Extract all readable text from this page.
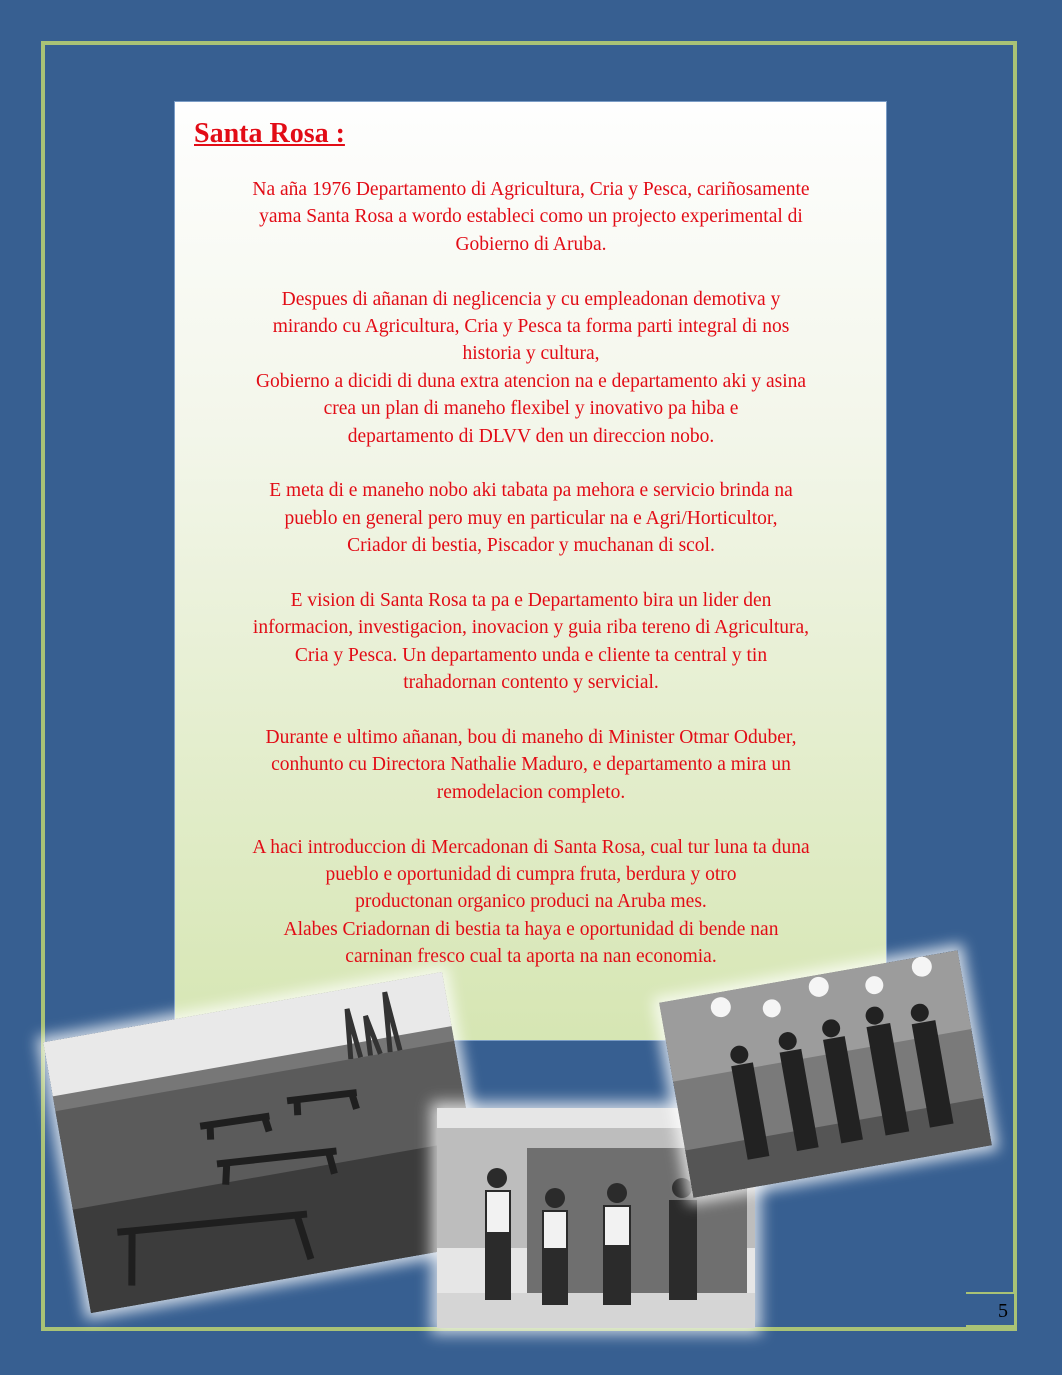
Santa Rosa :

Na aña 1976 Departamento di Agricultura, Cria y Pesca, cariñosamente
yama Santa Rosa a wordo estableci como un projecto experimental di
Gobierno di Aruba.

Despues di añanan di neglicencia y cu empleadonan demotiva y
mirando cu Agricultura, Cria y Pesca ta forma parti integral di nos
historia y cultura,
Gobierno a dicidi di duna extra atencion na e departamento aki y asina
crea un plan di maneho flexibel y inovativo pa hiba e
departamento di DLVV den un direccion nobo.

E meta di e maneho nobo aki tabata pa mehora e servicio brinda na
pueblo en general pero muy en particular na e Agri/Horticultor,
Criador di bestia, Piscador y muchanan di scol.

E vision di Santa Rosa ta pa e Departamento bira un lider den
informacion, investigacion, inovacion y guia riba tereno di Agricultura,
Cria y Pesca. Un departamento unda e cliente ta central y tin
trahadornan contento y servicial.

Durante e ultimo añanan, bou di maneho di Minister Otmar Oduber,
conhunto cu Directora Nathalie Maduro, e departamento a mira un
remodelacion completo.

A haci introduccion di Mercadonan di Santa Rosa, cual tur luna ta duna
pueblo e oportunidad di cumpra fruta, berdura y otro
productonan organico produci na Aruba mes.
Alabes Criadornan di bestia ta haya e oportunidad di bende nan
carninan fresco cual ta aporta na nan economia.

5
